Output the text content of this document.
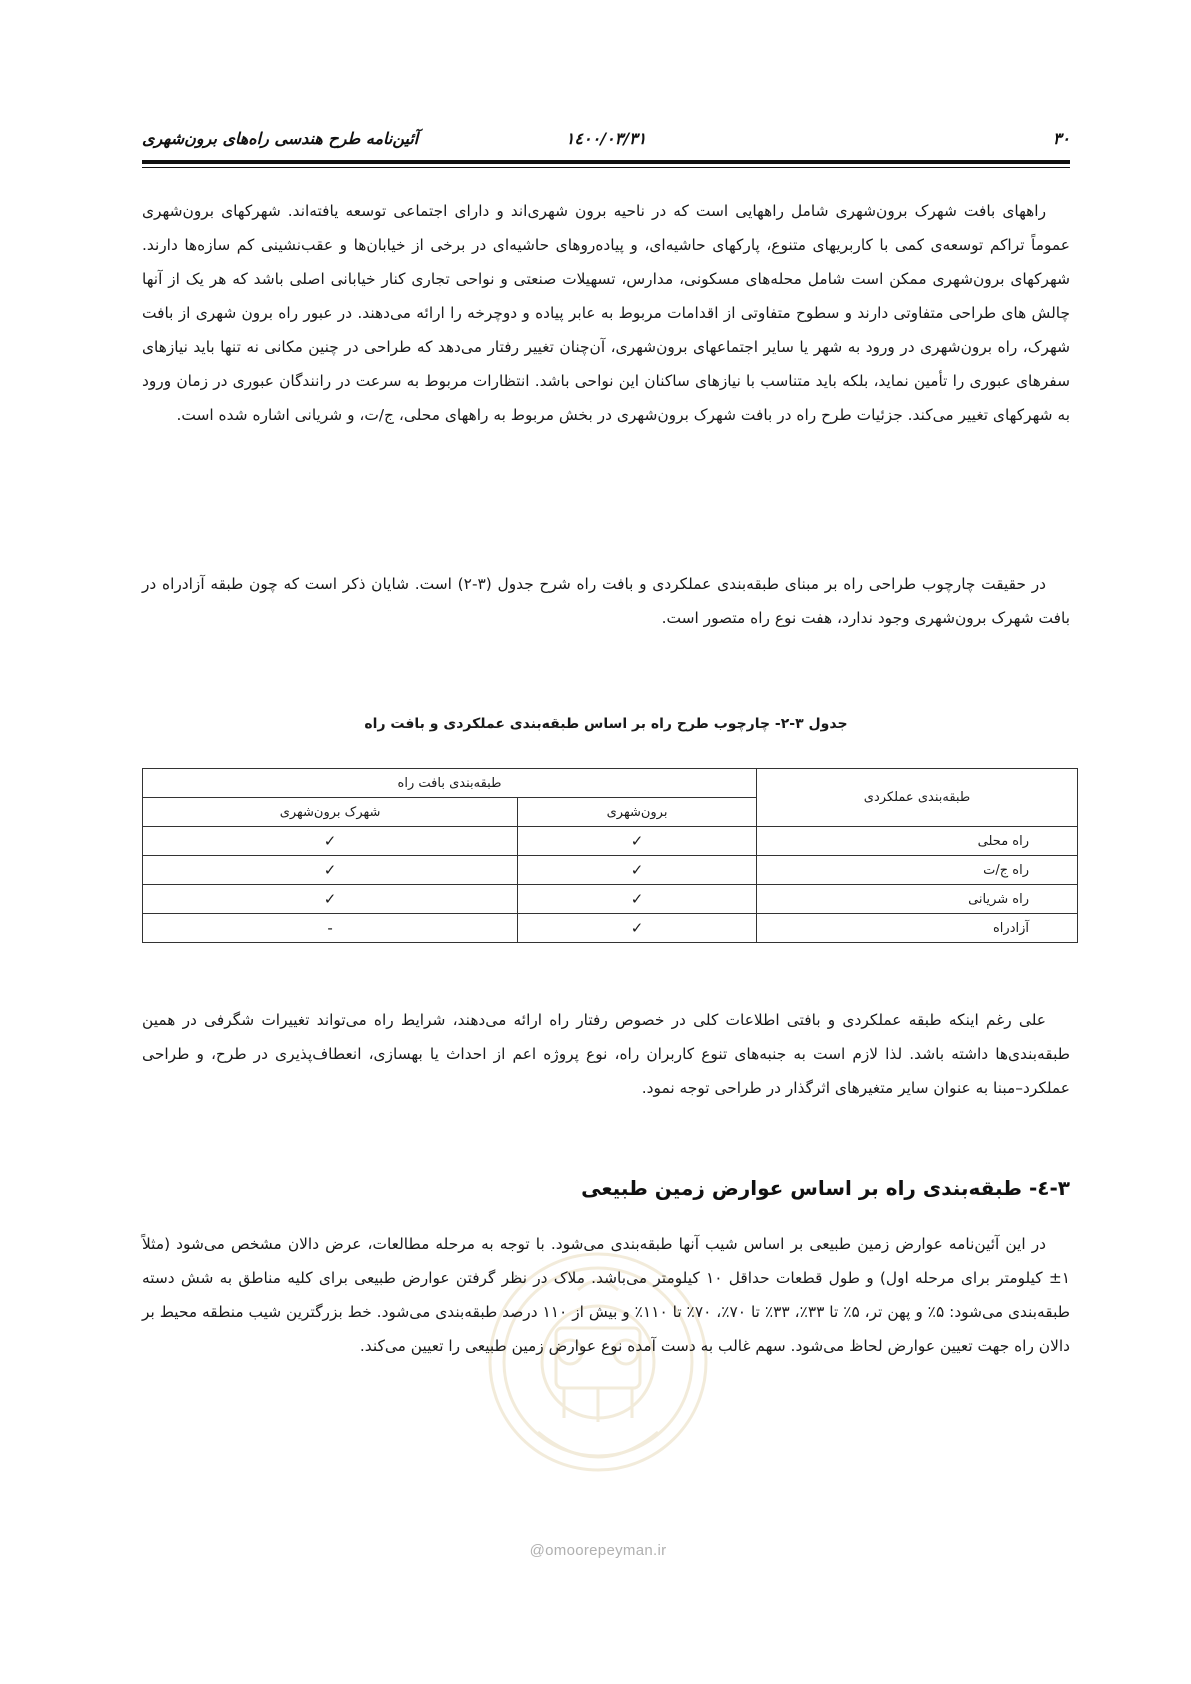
۳۰
۱٤۰۰/۰۳/۳۱
آئین‌نامه طرح هندسی راه‌های برون‌شهری

راههای بافت شهرک برون‌شهری شامل راههایی است که در ناحیه برون شهری‌اند و دارای اجتماعی توسعه یافته‌اند. شهرکهای برون‌شهری عموماً تراکم توسعه‌ی کمی با کاربریهای متنوع، پارکهای حاشیه‌ای، و پیاده‌روهای حاشیه‌ای در برخی از خیابان‌ها و عقب‌نشینی کم سازه‌ها دارند. شهرکهای برون‌شهری ممکن است شامل محله‌های مسکونی، مدارس، تسهیلات صنعتی و نواحی تجاری کنار خیابانی اصلی باشد که هر یک از آنها چالش های طراحی متفاوتی دارند و سطوح متفاوتی از اقدامات مربوط به عابر پیاده و دوچرخه را ارائه می‌دهند. در عبور راه برون شهری از بافت شهرک، راه برون‌شهری در ورود به شهر یا سایر اجتماعهای برون‌شهری، آن‌چنان تغییر رفتار می‌دهد که طراحی در چنین مکانی نه تنها باید نیازهای سفرهای عبوری را تأمین نماید، بلکه باید متناسب با نیازهای ساکنان این نواحی باشد. انتظارات مربوط به سرعت در رانندگان عبوری در زمان ورود به شهرکهای تغییر می‌کند. جزئیات طرح راه در بافت شهرک برون‌شهری در بخش مربوط به راههای محلی، ج/ت، و شریانی اشاره شده است.

در حقیقت چارچوب طراحی راه بر مبنای طبقه‌بندی عملکردی و بافت راه شرح جدول (۳-۲) است. شایان ذکر است که چون طبقه آزادراه در بافت شهرک برون‌شهری وجود ندارد، هفت نوع راه متصور است.

جدول ۳-۲- چارچوب طرح راه بر اساس طبقه‌بندی عملکردی و بافت راه
طبقه‌بندی عملکردی	طبقه‌بندی بافت راه	
	برون‌شهری	شهرک برون‌شهری
راه محلی	✓	✓
راه ج/ت	✓	✓
راه شریانی	✓	✓
آزادراه	✓	-

علی رغم اینکه طبقه عملکردی و بافتی اطلاعات کلی در خصوص رفتار راه ارائه می‌دهند، شرایط راه می‌تواند تغییرات شگرفی در همین طبقه‌بندی‌ها داشته باشد. لذا لازم است به جنبه‌های تنوع کاربران راه، نوع پروژه اعم از احداث یا بهسازی، انعطاف‌پذیری در طرح، و طراحی عملکرد–مبنا به عنوان سایر متغیرهای اثرگذار در طراحی توجه نمود.

۳-٤- طبقه‌بندی راه بر اساس عوارض زمین طبیعی
@omoorepeyman.ir

در این آئین‌نامه عوارض زمین طبیعی بر اساس شیب آنها طبقه‌بندی می‌شود. با توجه به مرحله مطالعات، عرض دالان مشخص می‌شود (مثلاً ۱± کیلومتر برای مرحله اول) و طول قطعات حداقل ۱۰ کیلومتر می‌باشد. ملاک در نظر گرفتن عوارض طبیعی برای کلیه مناطق به شش دسته طبقه‌بندی می‌شود: ۵٪ و پهن تر، ۵٪ تا ۳۳٪، ۳۳٪ تا ۷۰٪، ۷۰٪ تا ۱۱۰٪ و بیش از ۱۱۰ درصد طبقه‌بندی می‌شود. خط بزرگترین شیب منطقه محیط بر دالان راه جهت تعیین عوارض لحاظ می‌شود. سهم غالب به دست آمده نوع عوارض زمین طبیعی را تعیین می‌کند.
